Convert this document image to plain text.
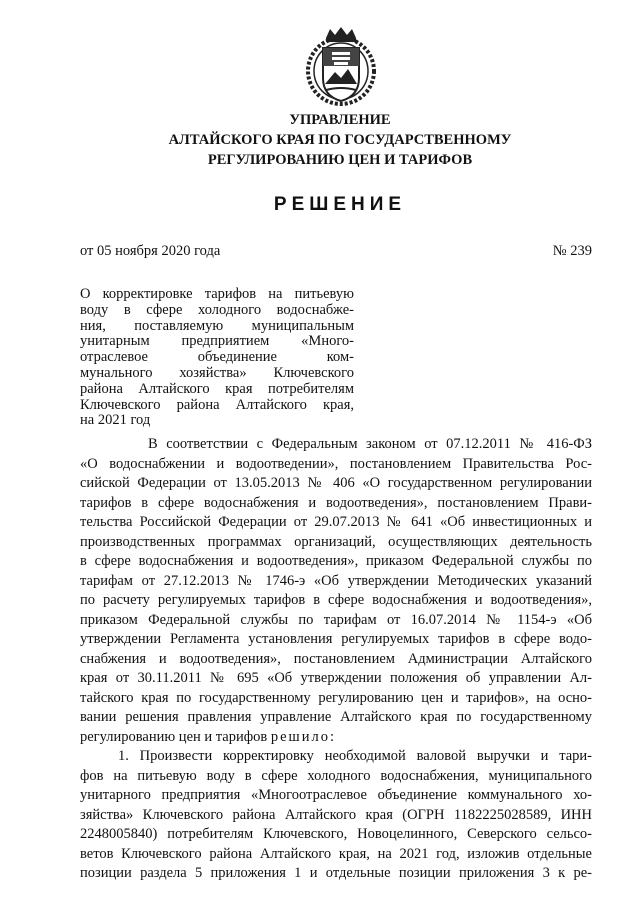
УПРАВЛЕНИЕ
АЛТАЙСКОГО КРАЯ ПО ГОСУДАРСТВЕННОМУ
РЕГУЛИРОВАНИЮ ЦЕН И ТАРИФОВ
РЕШЕНИЕ
от 05 ноября 2020 года	№ 239
О корректировке тарифов на питьевую
воду в сфере холодного водоснабже-
ния, поставляемую муниципальным
унитарным предприятием «Много-
отраслевое объединение ком-
мунального хозяйства» Ключевского
района Алтайского края потребителям
Ключевского района Алтайского края,
на 2021 год
В соответствии с Федеральным законом от 07.12.2011 № 416-ФЗ
«О водоснабжении и водоотведении», постановлением Правительства Рос-
сийской Федерации от 13.05.2013 № 406 «О государственном регулировании
тарифов в сфере водоснабжения и водоотведения», постановлением Прави-
тельства Российской Федерации от 29.07.2013 № 641 «Об инвестиционных и
производственных программах организаций, осуществляющих деятельность
в сфере водоснабжения и водоотведения», приказом Федеральной службы по
тарифам от 27.12.2013 № 1746-э «Об утверждении Методических указаний
по расчету регулируемых тарифов в сфере водоснабжения и водоотведения»,
приказом Федеральной службы по тарифам от 16.07.2014 № 1154-э «Об
утверждении Регламента установления регулируемых тарифов в сфере водо-
снабжения и водоотведения», постановлением Администрации Алтайского
края от 30.11.2011 № 695 «Об утверждении положения об управлении Ал-
тайского края по государственному регулированию цен и тарифов», на осно-
вании решения правления управление Алтайского края по государственному
регулированию цен и тарифов решило:
1. Произвести корректировку необходимой валовой выручки и тари-
фов на питьевую воду в сфере холодного водоснабжения, муниципального
унитарного предприятия «Многоотраслевое объединение коммунального хо-
зяйства» Ключевского района Алтайского края (ОГРН 1182225028589, ИНН
2248005840) потребителям Ключевского, Новоцелинного, Северского сельсо-
ветов Ключевского района Алтайского края, на 2021 год, изложив отдельные
позиции раздела 5 приложения 1 и отдельные позиции приложения 3 к ре-
